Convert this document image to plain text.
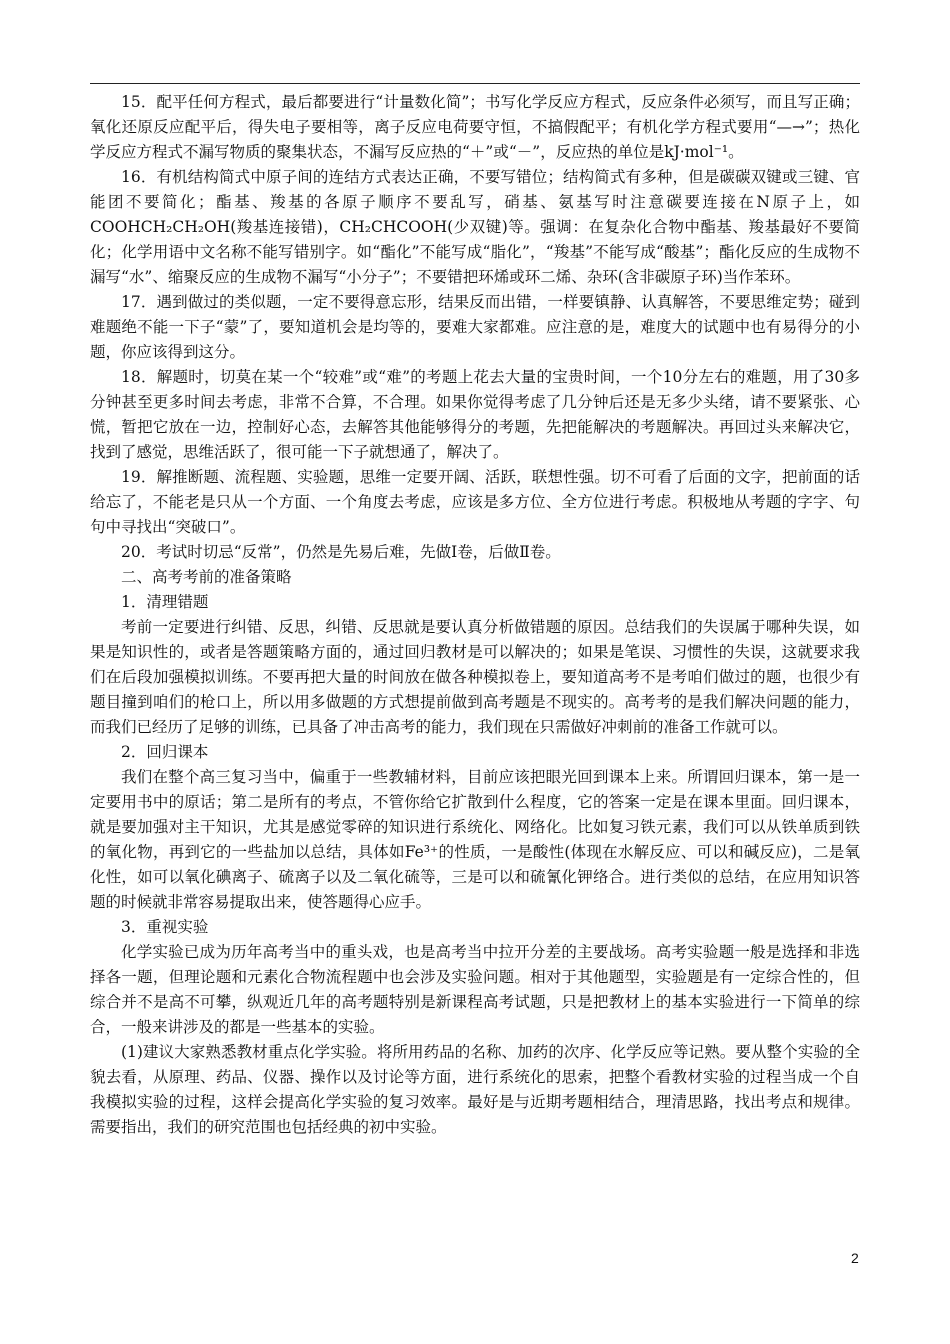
15．配平任何方程式，最后都要进行“计量数化简”；书写化学反应方程式，反应条件必须写，而且写正确；氧化还原反应配平后，得失电子要相等，离子反应电荷要守恒，不搞假配平；有机化学方程式要用“—→”；热化学反应方程式不漏写物质的聚集状态，不漏写反应热的“＋”或“－”，反应热的单位是kJ·mol⁻¹。

16．有机结构简式中原子间的连结方式表达正确，不要写错位；结构简式有多种，但是碳碳双键或三键、官能团不要简化；酯基、羧基的各原子顺序不要乱写，硝基、氨基写时注意碳要连接在N原子上，如COOHCH₂CH₂OH(羧基连接错)，CH₂CHCOOH(少双键)等。强调：在复杂化合物中酯基、羧基最好不要简化；化学用语中文名称不能写错别字。如“酯化”不能写成“脂化”，“羧基”不能写成“酸基”；酯化反应的生成物不漏写“水”、缩聚反应的生成物不漏写“小分子”；不要错把环烯或环二烯、杂环(含非碳原子环)当作苯环。

17．遇到做过的类似题，一定不要得意忘形，结果反而出错，一样要镇静、认真解答，不要思维定势；碰到难题绝不能一下子“蒙”了，要知道机会是均等的，要难大家都难。应注意的是，难度大的试题中也有易得分的小题，你应该得到这分。

18．解题时，切莫在某一个“较难”或“难”的考题上花去大量的宝贵时间，一个10分左右的难题，用了30多分钟甚至更多时间去考虑，非常不合算，不合理。如果你觉得考虑了几分钟后还是无多少头绪，请不要紧张、心慌，暂把它放在一边，控制好心态，去解答其他能够得分的考题，先把能解决的考题解决。再回过头来解决它，找到了感觉，思维活跃了，很可能一下子就想通了，解决了。

19．解推断题、流程题、实验题，思维一定要开阔、活跃，联想性强。切不可看了后面的文字，把前面的话给忘了，不能老是只从一个方面、一个角度去考虑，应该是多方位、全方位进行考虑。积极地从考题的字字、句句中寻找出“突破口”。

20．考试时切忌“反常”，仍然是先易后难，先做Ⅰ卷，后做Ⅱ卷。

二、高考考前的准备策略

1．清理错题

考前一定要进行纠错、反思，纠错、反思就是要认真分析做错题的原因。总结我们的失误属于哪种失误，如果是知识性的，或者是答题策略方面的，通过回归教材是可以解决的；如果是笔误、习惯性的失误，这就要求我们在后段加强模拟训练。不要再把大量的时间放在做各种模拟卷上，要知道高考不是考咱们做过的题，也很少有题目撞到咱们的枪口上，所以用多做题的方式想提前做到高考题是不现实的。高考考的是我们解决问题的能力，而我们已经历了足够的训练，已具备了冲击高考的能力，我们现在只需做好冲刺前的准备工作就可以。

2．回归课本

我们在整个高三复习当中，偏重于一些教辅材料，目前应该把眼光回到课本上来。所谓回归课本，第一是一定要用书中的原话；第二是所有的考点，不管你给它扩散到什么程度，它的答案一定是在课本里面。回归课本，就是要加强对主干知识，尤其是感觉零碎的知识进行系统化、网络化。比如复习铁元素，我们可以从铁单质到铁的氧化物，再到它的一些盐加以总结，具体如Fe³⁺的性质，一是酸性(体现在水解反应、可以和碱反应)，二是氧化性，如可以氧化碘离子、硫离子以及二氧化硫等，三是可以和硫氰化钾络合。进行类似的总结，在应用知识答题的时候就非常容易提取出来，使答题得心应手。

3．重视实验

化学实验已成为历年高考当中的重头戏，也是高考当中拉开分差的主要战场。高考实验题一般是选择和非选择各一题，但理论题和元素化合物流程题中也会涉及实验问题。相对于其他题型，实验题是有一定综合性的，但综合并不是高不可攀，纵观近几年的高考题特别是新课程高考试题，只是把教材上的基本实验进行一下简单的综合，一般来讲涉及的都是一些基本的实验。

(1)建议大家熟悉教材重点化学实验。将所用药品的名称、加药的次序、化学反应等记熟。要从整个实验的全貌去看，从原理、药品、仪器、操作以及讨论等方面，进行系统化的思索，把整个看教材实验的过程当成一个自我模拟实验的过程，这样会提高化学实验的复习效率。最好是与近期考题相结合，理清思路，找出考点和规律。需要指出，我们的研究范围也包括经典的初中实验。

2
